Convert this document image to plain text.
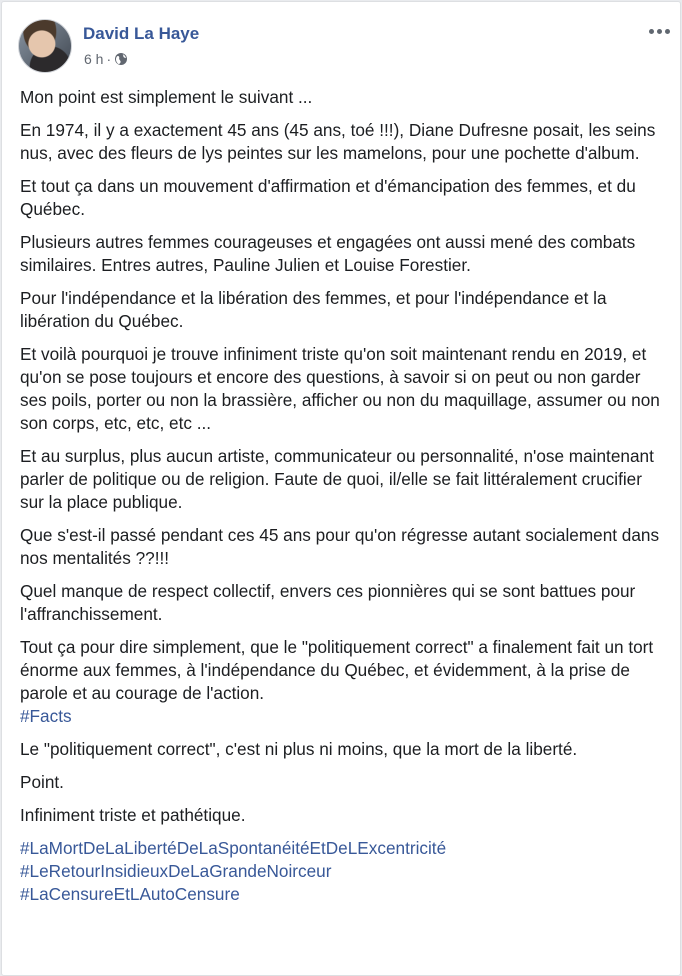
David La Haye
6 h ·

Mon point est simplement le suivant ...

En 1974, il y a exactement 45 ans (45 ans, toé !!!), Diane Dufresne posait, les seins nus, avec des fleurs de lys peintes sur les mamelons, pour une pochette d'album.

Et tout ça dans un mouvement d'affirmation et d'émancipation des femmes, et du Québec.

Plusieurs autres femmes courageuses et engagées ont aussi mené des combats similaires. Entres autres, Pauline Julien et Louise Forestier.

Pour l'indépendance et la libération des femmes, et pour l'indépendance et la libération du Québec.

Et voilà pourquoi je trouve infiniment triste qu'on soit maintenant rendu en 2019, et qu'on se pose toujours et encore des questions, à savoir si on peut ou non garder ses poils, porter ou non la brassière, afficher ou non du maquillage, assumer ou non son corps, etc, etc, etc ...

Et au surplus, plus aucun artiste, communicateur ou personnalité, n'ose maintenant parler de politique ou de religion. Faute de quoi, il/elle se fait littéralement crucifier sur la place publique.

Que s'est-il passé pendant ces 45 ans pour qu'on régresse autant socialement dans nos mentalités ??!!!

Quel manque de respect collectif, envers ces pionnières qui se sont battues pour l'affranchissement.

Tout ça pour dire simplement, que le "politiquement correct" a finalement fait un tort énorme aux femmes, à l'indépendance du Québec, et évidemment, à la prise de parole et au courage de l'action.
#Facts

Le "politiquement correct", c'est ni plus ni moins, que la mort de la liberté.

Point.

Infiniment triste et pathétique.

#LaMortDeLaLibertéDeLaSpontanéitéEtDeLExcentricité
#LeRetourInsidieuxDeLaGrandeNoirceur
#LaCensureEtLAutoCensure
